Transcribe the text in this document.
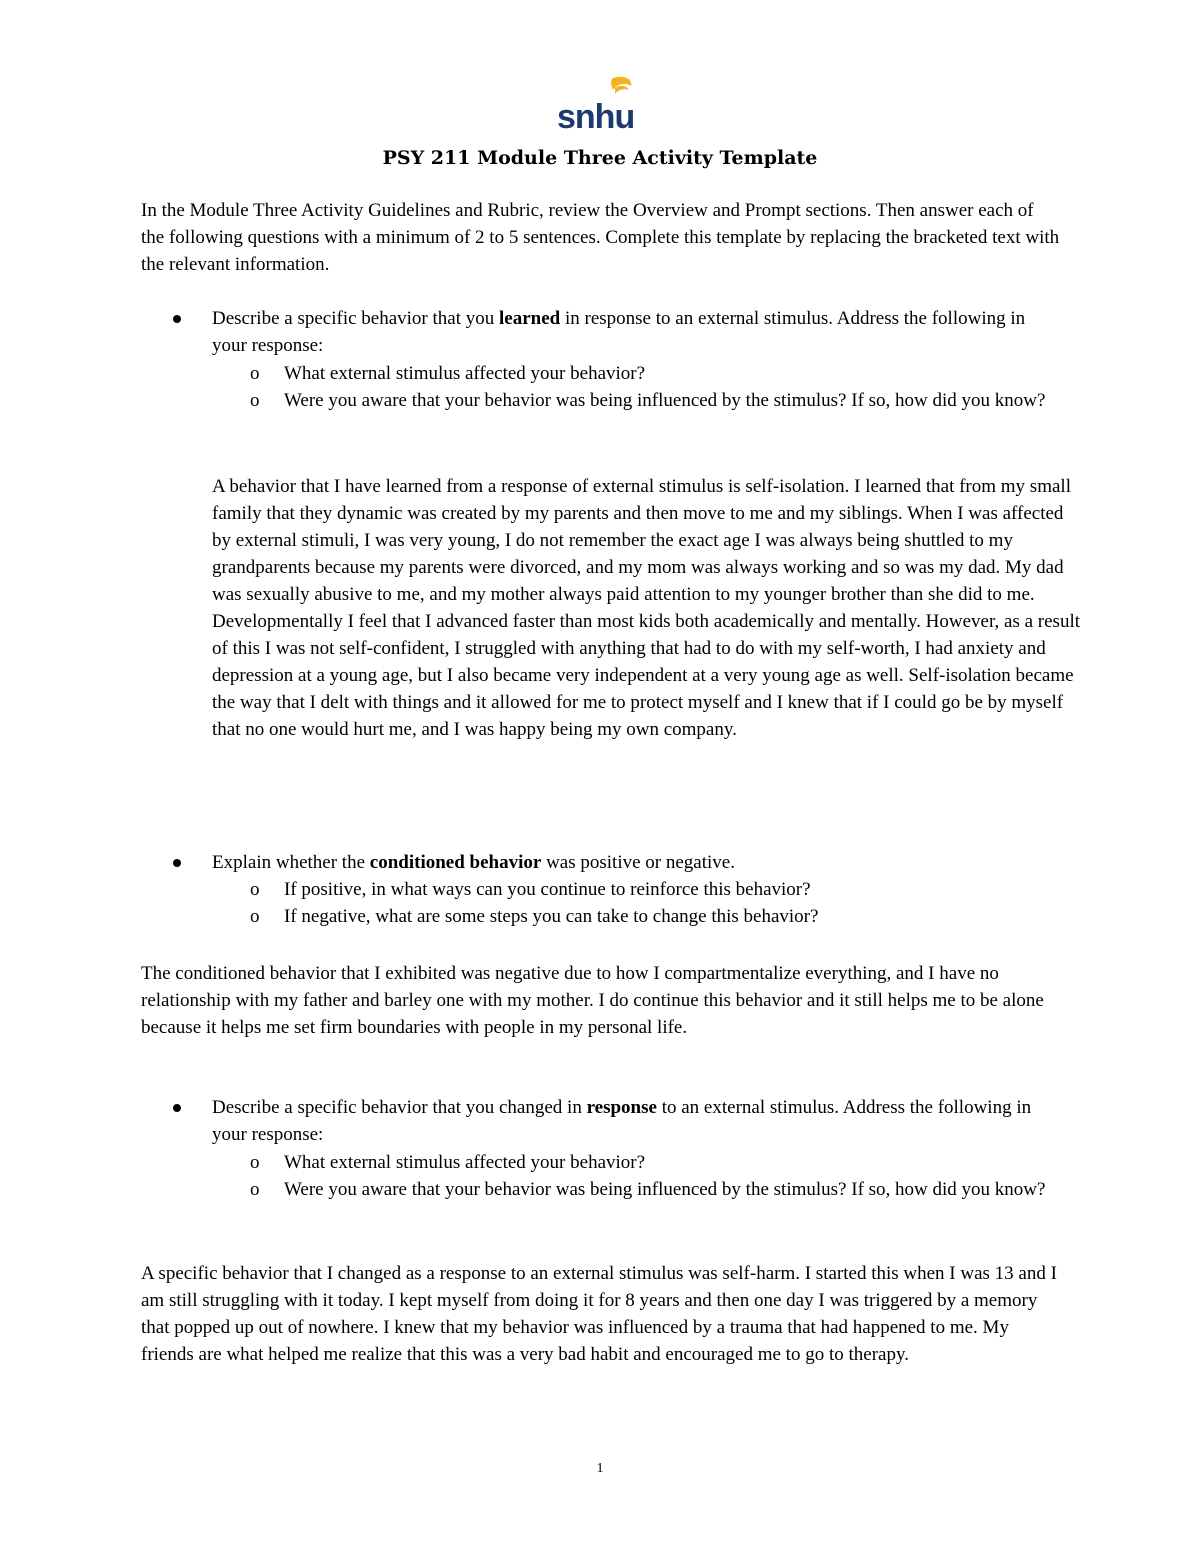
snhu
PSY 211 Module Three Activity Template

In the Module Three Activity Guidelines and Rubric, review the Overview and Prompt sections. Then answer each of the following questions with a minimum of 2 to 5 sentences. Complete this template by replacing the bracketed text with the relevant information.

Describe a specific behavior that you learned in response to an external stimulus. Address the following in your response:
o	What external stimulus affected your behavior?
o	Were you aware that your behavior was being influenced by the stimulus? If so, how did you know?

A behavior that I have learned from a response of external stimulus is self-isolation. I learned that from my small family that they dynamic was created by my parents and then move to me and my siblings. When I was affected by external stimuli, I was very young, I do not remember the exact age I was always being shuttled to my grandparents because my parents were divorced, and my mom was always working and so was my dad. My dad was sexually abusive to me, and my mother always paid attention to my younger brother than she did to me. Developmentally I feel that I advanced faster than most kids both academically and mentally. However, as a result of this I was not self-confident, I struggled with anything that had to do with my self-worth, I had anxiety and depression at a young age, but I also became very independent at a very young age as well. Self-isolation became the way that I delt with things and it allowed for me to protect myself and I knew that if I could go be by myself that no one would hurt me, and I was happy being my own company.

Explain whether the conditioned behavior was positive or negative.
o	If positive, in what ways can you continue to reinforce this behavior?
o	If negative, what are some steps you can take to change this behavior?

The conditioned behavior that I exhibited was negative due to how I compartmentalize everything, and I have no relationship with my father and barley one with my mother. I do continue this behavior and it still helps me to be alone because it helps me set firm boundaries with people in my personal life.

Describe a specific behavior that you changed in response to an external stimulus. Address the following in your response:
o	What external stimulus affected your behavior?
o	Were you aware that your behavior was being influenced by the stimulus? If so, how did you know?

A specific behavior that I changed as a response to an external stimulus was self-harm. I started this when I was 13 and I am still struggling with it today. I kept myself from doing it for 8 years and then one day I was triggered by a memory that popped up out of nowhere. I knew that my behavior was influenced by a trauma that had happened to me. My friends are what helped me realize that this was a very bad habit and encouraged me to go to therapy.

1
